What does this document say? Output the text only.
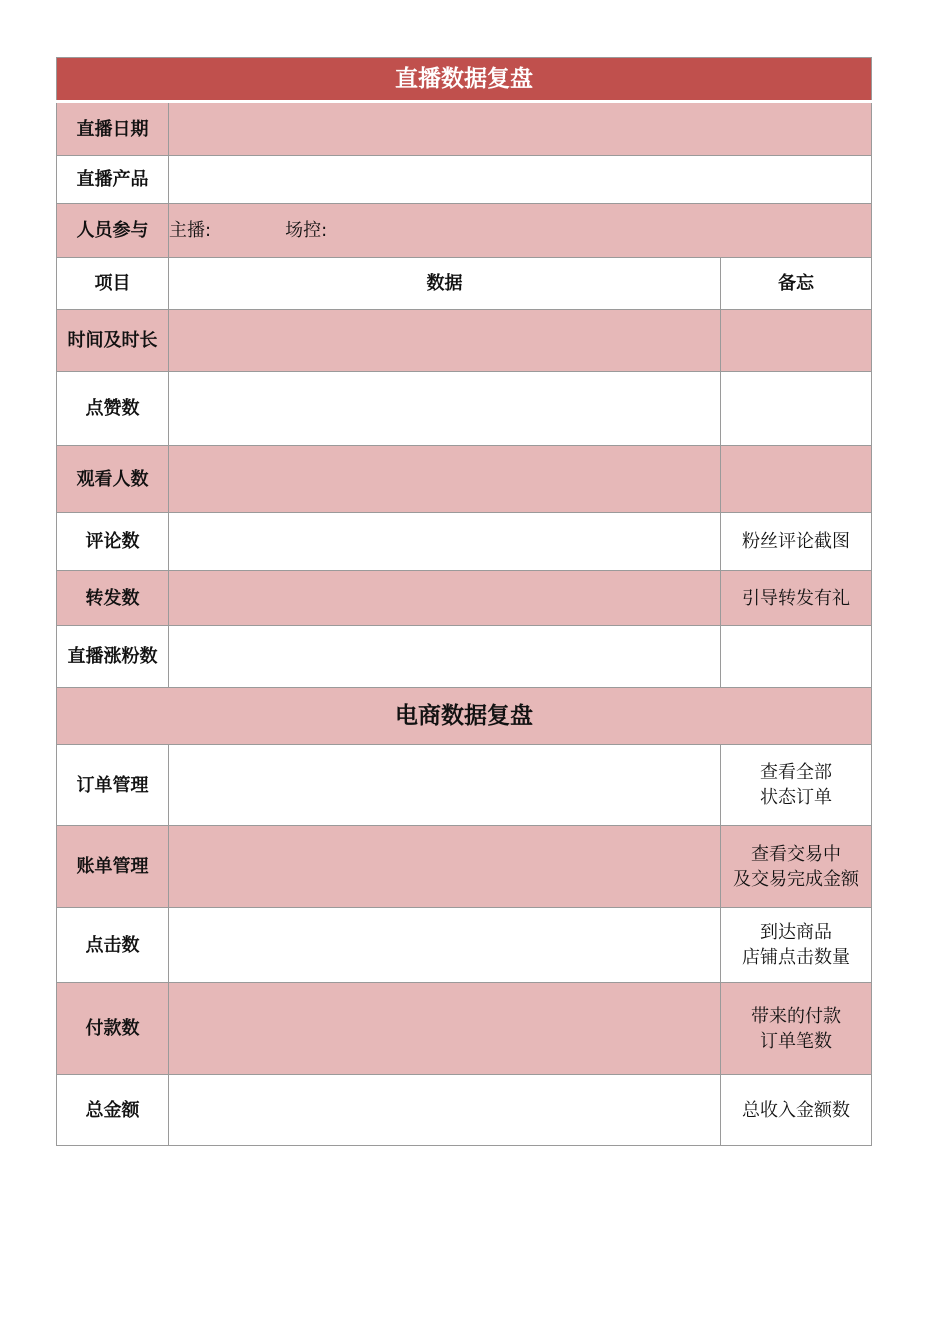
直播数据复盘		
直播日期		
直播产品		
人员参与	主播: 场控:	
项目	数据	备忘
时间及时长		
点赞数		
观看人数		
评论数		粉丝评论截图
转发数		引导转发有礼
直播涨粉数		
电商数据复盘		
订单管理		查看全部
状态订单

账单管理		查看交易中
及交易完成金额

点击数		到达商品
店铺点击数量

付款数		带来的付款
订单笔数

总金额		总收入金额数
